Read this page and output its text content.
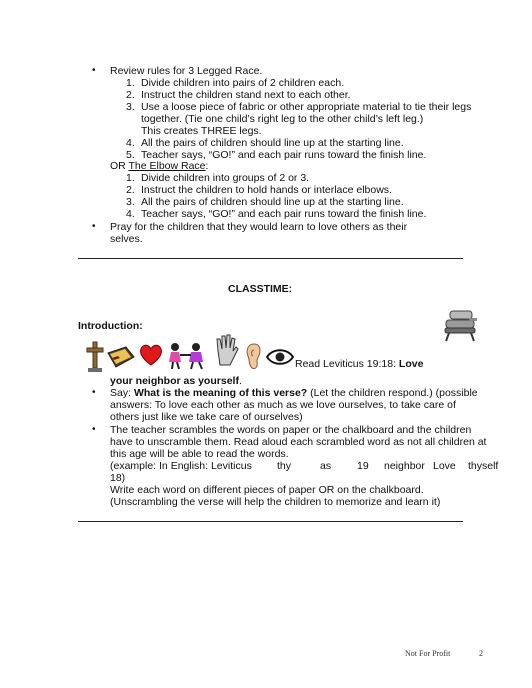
• Review rules for 3 Legged Race.
1. Divide children into pairs of 2 children each.
2. Instruct the children stand next to each other.
3. Use a loose piece of fabric or other appropriate material to tie their legs
together. (Tie one child’s right leg to the other child’s left leg.)
This creates THREE legs.
4. All the pairs of children should line up at the starting line.
5. Teacher says, “GO!” and each pair runs toward the finish line.
OR The Elbow Race:
1. Divide children into groups of 2 or 3.
2. Instruct the children to hold hands or interlace elbows.
3. All the pairs of children should line up at the starting line.
4. Teacher says, “GO!” and each pair runs toward the finish line.
• Pray for the children that they would learn to love others as their
selves.
CLASSTIME:
Introduction:
Read Leviticus 19:18: Love
your neighbor as yourself.
• Say: What is the meaning of this verse? (Let the children respond.) (possible
answers: To love each other as much as we love ourselves, to take care of
others just like we take care of ourselves)
• The teacher scrambles the words on paper or the chalkboard and the children
have to unscramble them. Read aloud each scrambled word as not all children at
this age will be able to read the words.
(example: In English: Leviticus thy	as 19 neighbor Love thyself
18)
Write each word on different pieces of paper OR on the chalkboard.
(Unscrambling the verse will help the children to memorize and learn it)
Not For Profit	2
